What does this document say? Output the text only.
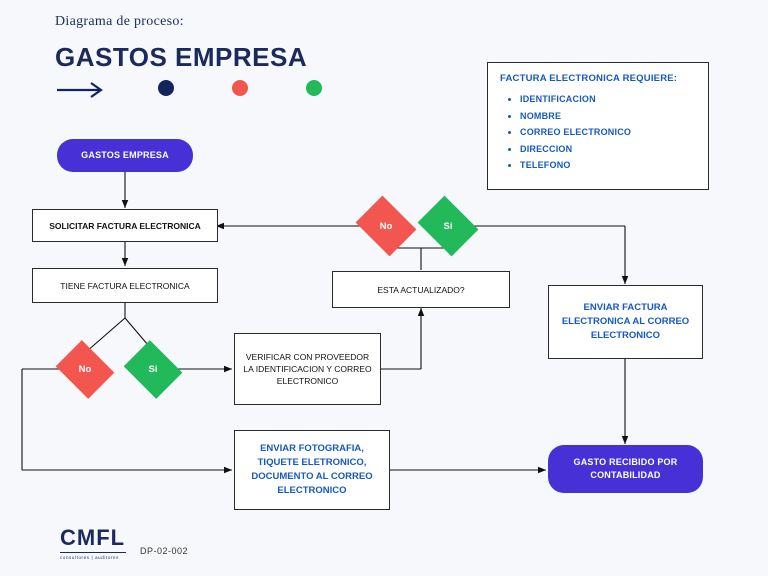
Diagrama de proceso:
GASTOS EMPRESA
FACTURA ELECTRONICA REQUIERE:
• IDENTIFICACION
• NOMBRE
• CORREO ELECTRONICO
• DIRECCION
• TELEFONO
GASTOS EMPRESA
SOLICITAR FACTURA ELECTRONICA
TIENE FACTURA ELECTRONICA
VERIFICAR CON PROVEEDOR LA IDENTIFICACION Y CORREO ELECTRONICO
ESTA ACTUALIZADO?
ENVIAR FACTURA ELECTRONICA AL CORREO ELECTRONICO
ENVIAR FOTOGRAFIA, TIQUETE ELETRONICO, DOCUMENTO AL CORREO ELECTRONICO
GASTO RECIBIDO POR CONTABILIDAD
No	Si
No	Si
CMFL
consultores | auditores
DP-02-002
